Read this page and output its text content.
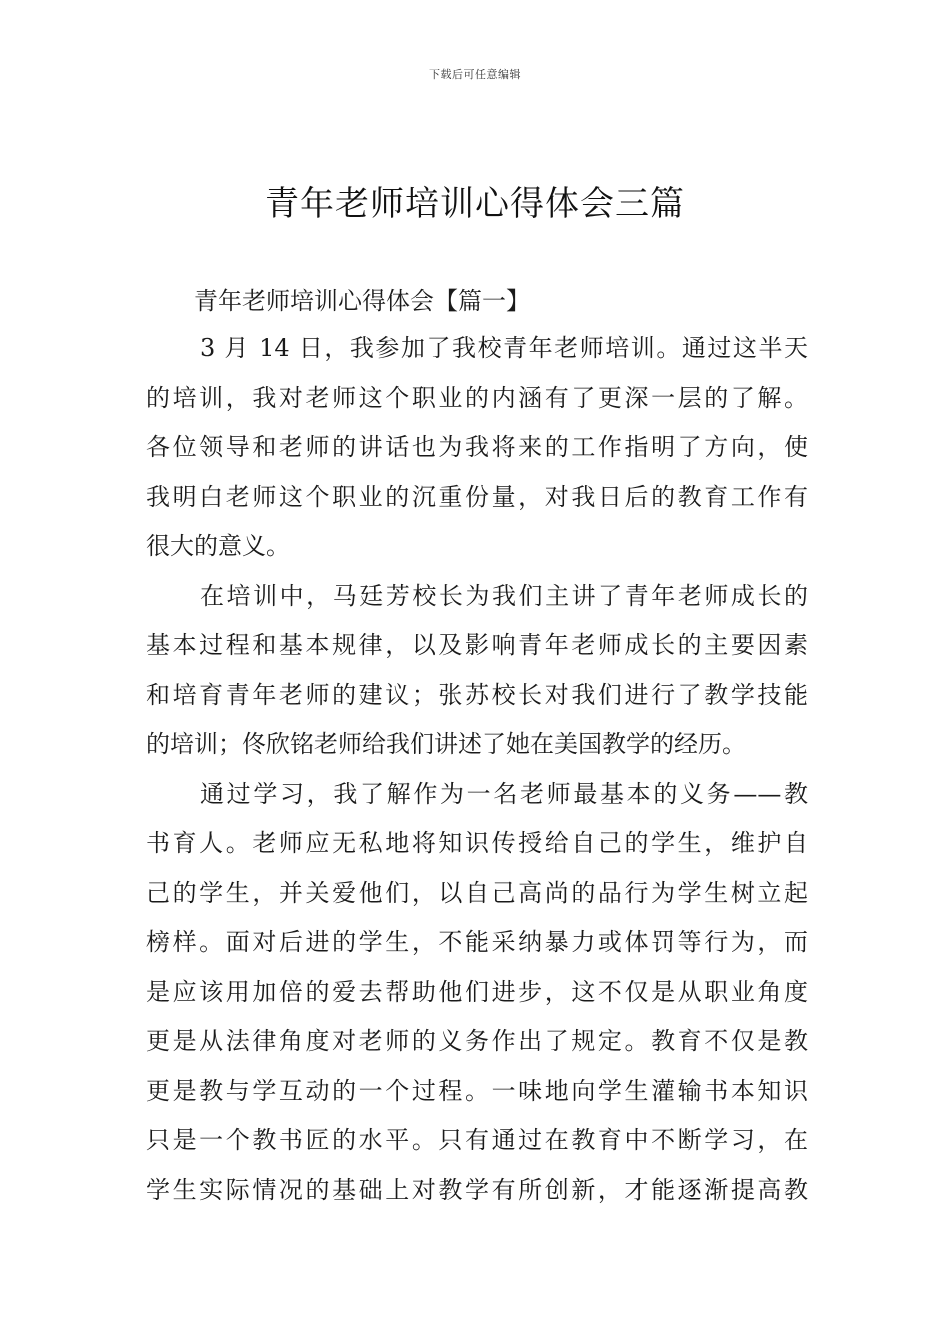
下载后可任意编辑
青年老师培训心得体会三篇
青年老师培训心得体会【篇一】
3 月 14 日，我参加了我校青年老师培训。通过这半天
的培训，我对老师这个职业的内涵有了更深一层的了解。
各位领导和老师的讲话也为我将来的工作指明了方向，使
我明白老师这个职业的沉重份量，对我日后的教育工作有
很大的意义。
在培训中，马廷芳校长为我们主讲了青年老师成长的
基本过程和基本规律，以及影响青年老师成长的主要因素
和培育青年老师的建议；张苏校长对我们进行了教学技能
的培训；佟欣铭老师给我们讲述了她在美国教学的经历。
通过学习，我了解作为一名老师最基本的义务——教
书育人。老师应无私地将知识传授给自己的学生，维护自
己的学生，并关爱他们，以自己高尚的品行为学生树立起
榜样。面对后进的学生，不能采纳暴力或体罚等行为，而
是应该用加倍的爱去帮助他们进步，这不仅是从职业角度
更是从法律角度对老师的义务作出了规定。教育不仅是教
更是教与学互动的一个过程。一味地向学生灌输书本知识
只是一个教书匠的水平。只有通过在教育中不断学习，在
学生实际情况的基础上对教学有所创新，才能逐渐提高教
